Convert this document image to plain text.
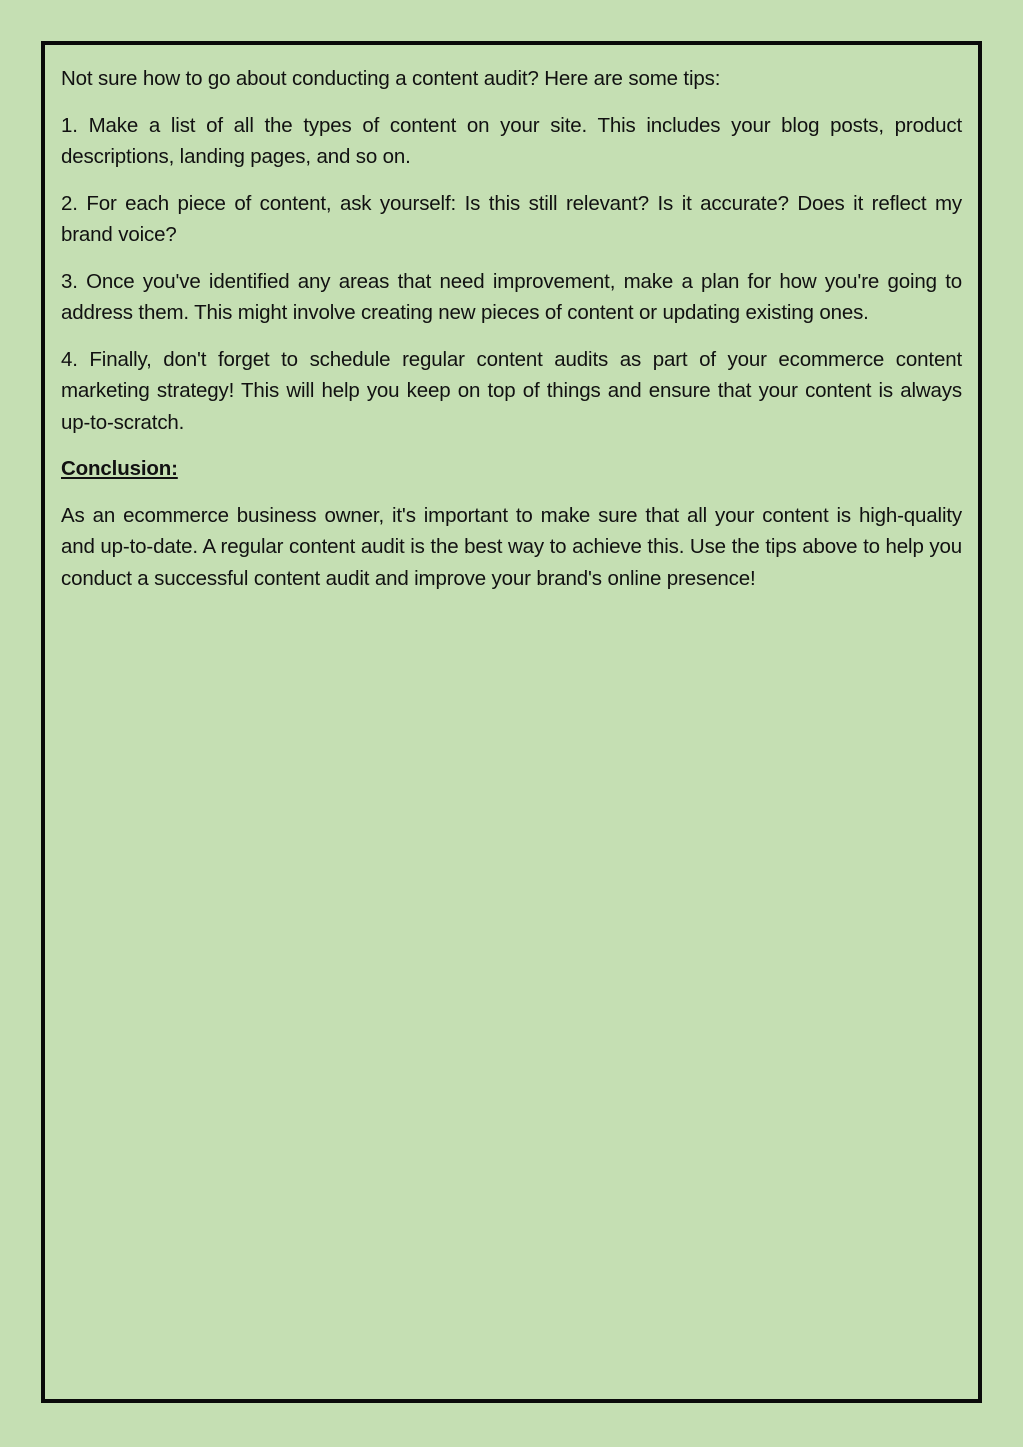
Not sure how to go about conducting a content audit? Here are some tips:

1. Make a list of all the types of content on your site. This includes your blog posts, product descriptions, landing pages, and so on.

2. For each piece of content, ask yourself: Is this still relevant? Is it accurate? Does it reflect my brand voice?

3. Once you've identified any areas that need improvement, make a plan for how you're going to address them. This might involve creating new pieces of content or updating existing ones.

4. Finally, don't forget to schedule regular content audits as part of your ecommerce content marketing strategy! This will help you keep on top of things and ensure that your content is always up-to-scratch.

Conclusion:

As an ecommerce business owner, it's important to make sure that all your content is high-quality and up-to-date. A regular content audit is the best way to achieve this. Use the tips above to help you conduct a successful content audit and improve your brand's online presence!
